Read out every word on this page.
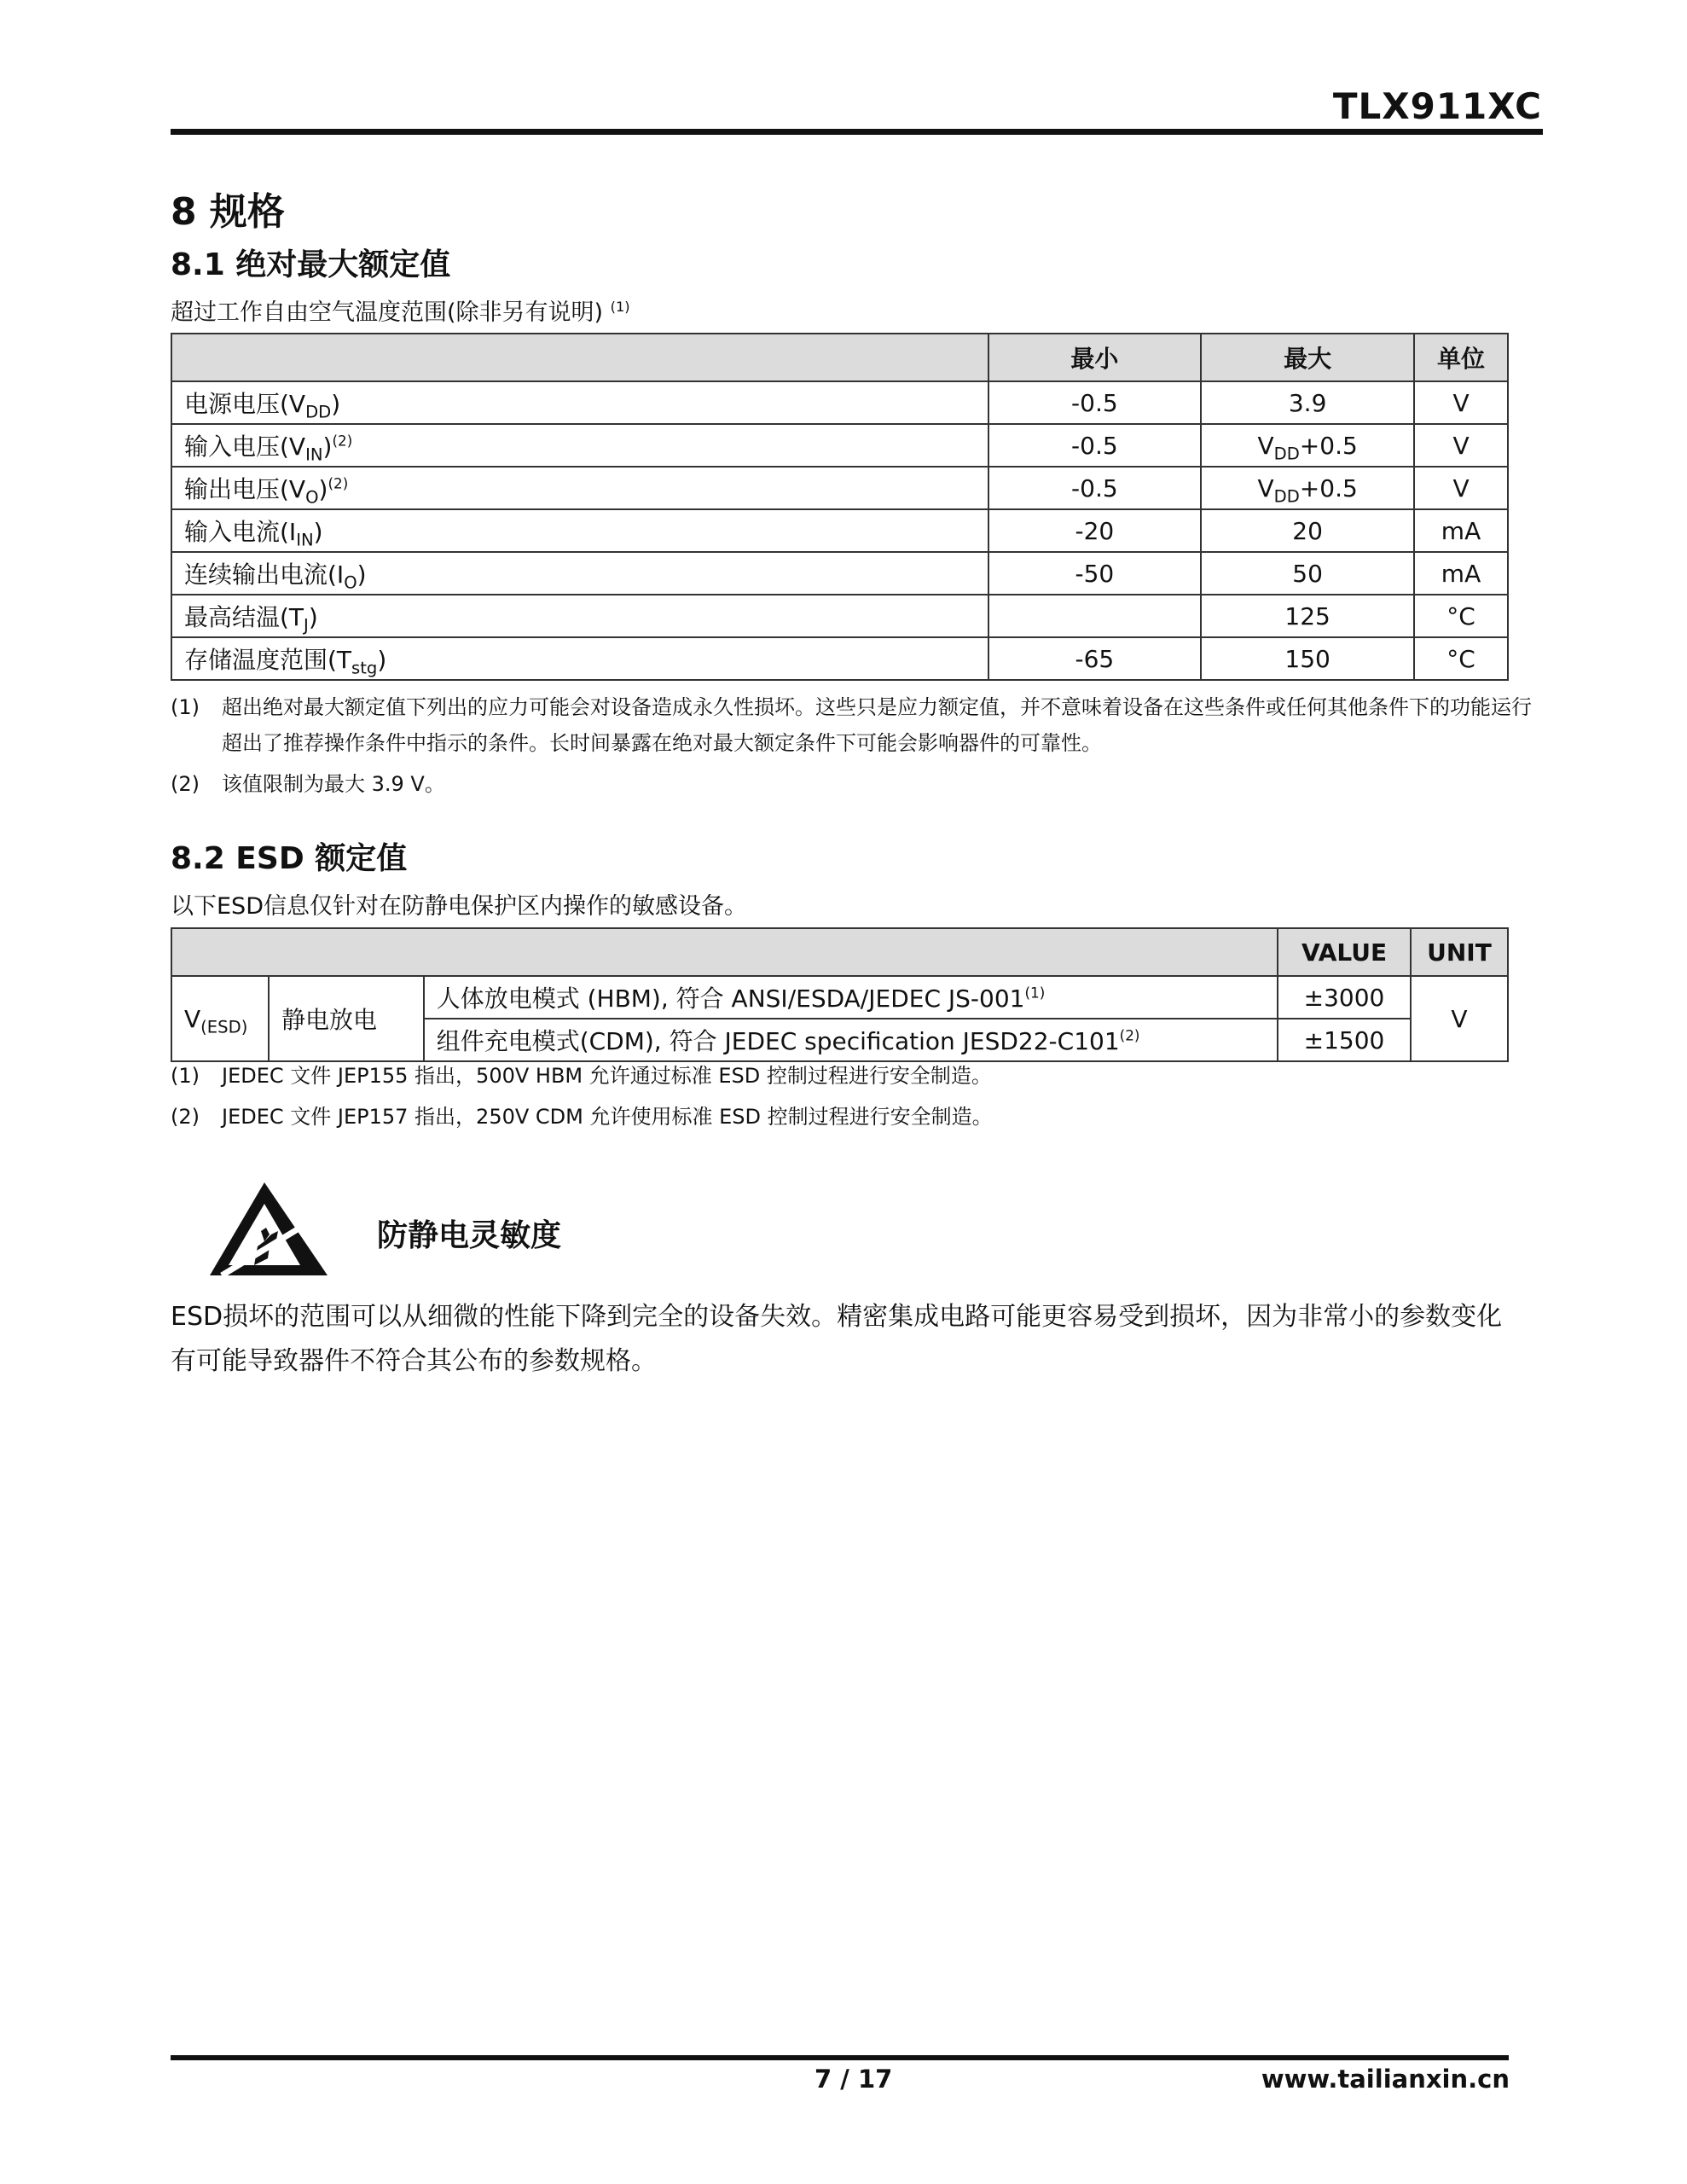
TLX911XC
8 规格
8.1 绝对最大额定值
超过工作自由空气温度范围(除非另有说明) $^{(1)}$
	最小	最大	单位
电源电压$(V_{DD})$	-0.5	3.9	V
输入电压$(V_{IN})^{(2)}$	-0.5	$V_{DD}+0.5$	V
输出电压$(V_O)^{(2)}$	-0.5	$V_{DD}+0.5$	V
输入电流$(I_{IN})$	-20	20	mA
连续输出电流$(I_O)$	-50	50	mA
最高结温$(T_J)$		125	°C
存储温度范围$(T_{stg})$	-65	150	°C
(1)	超出绝对最大额定值下列出的应力可能会对设备造成永久性损坏。这些只是应力额定值，并不意味着设备在这些条件或任何其他条件下的功能运行超出了推荐操作条件中指示的条件。长时间暴露在绝对最大额定条件下可能会影响器件的可靠性。
(2)	该值限制为最大 3.9 V。
8.2 ESD 额定值
以下ESD信息仅针对在防静电保护区内操作的敏感设备。
			VALUE	UNIT
$V_{(ESD)}$	静电放电	人体放电模式 (HBM), 符合 ANSI/ESDA/JEDEC $JS-001^{(1)}$	±3000	V
		组件充电模式(CDM), 符合 JEDEC specification $JESD22-C101^{(2)}$	±1500	
(1)	JEDEC 文件 JEP155 指出，500V HBM 允许通过标准 ESD 控制过程进行安全制造。
(2)	JEDEC 文件 JEP157 指出，250V CDM 允许使用标准 ESD 控制过程进行安全制造。
防静电灵敏度
ESD损坏的范围可以从细微的性能下降到完全的设备失效。精密集成电路可能更容易受到损坏，因为非常小的参数变化有可能导致器件不符合其公布的参数规格。
7 / 17	www.tailianxin.cn
